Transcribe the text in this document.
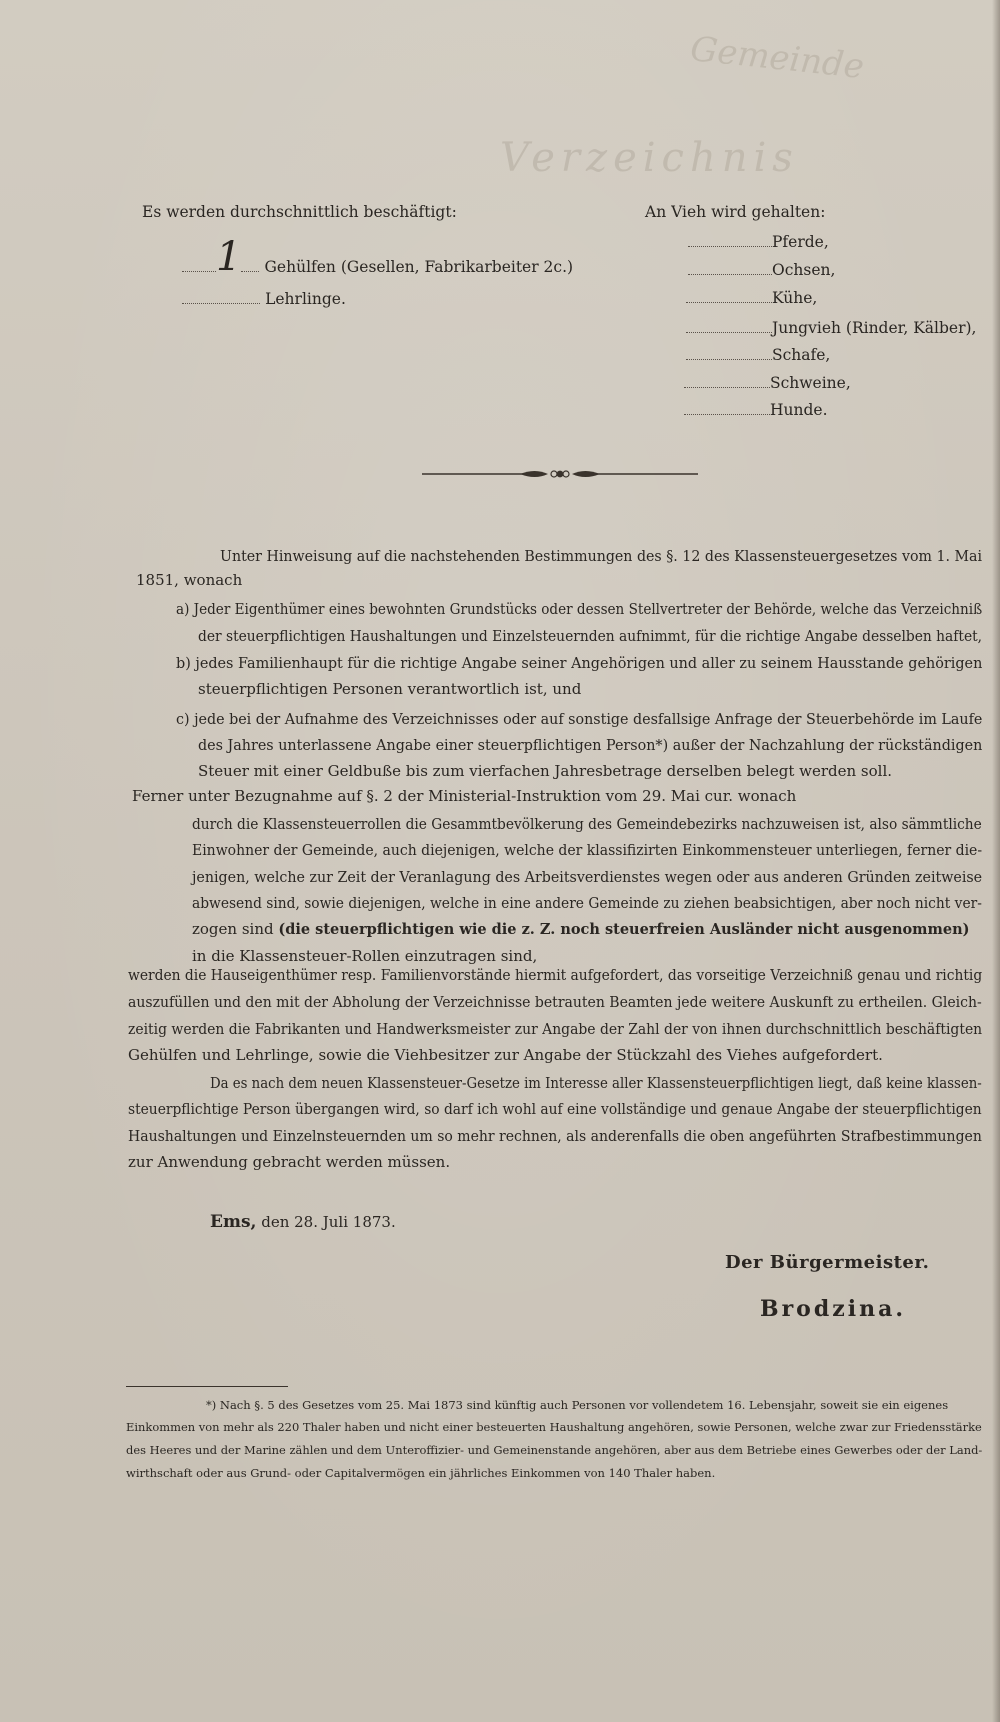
Gemeinde
Verzeichnis
Es werden durchschnittlich beschäftigt:
1 Gehülfen (Gesellen, Fabrikarbeiter 2c.)
Lehrlinge.
An Vieh wird gehalten:
Pferde,
Ochsen,
Kühe,
Jungvieh (Rinder, Kälber),
Schafe,
Schweine,
Hunde.
Unter Hinweisung auf die nachstehenden Bestimmungen des §. 12 des Klassensteuergesetzes vom 1. Mai
1851, wonach
a) Jeder Eigenthümer eines bewohnten Grundstücks oder dessen Stellvertreter der Behörde, welche das Verzeichniß
der steuerpflichtigen Haushaltungen und Einzelsteuernden aufnimmt, für die richtige Angabe desselben haftet,
b) jedes Familienhaupt für die richtige Angabe seiner Angehörigen und aller zu seinem Hausstande gehörigen
steuerpflichtigen Personen verantwortlich ist, und
c) jede bei der Aufnahme des Verzeichnisses oder auf sonstige desfallsige Anfrage der Steuerbehörde im Laufe
des Jahres unterlassene Angabe einer steuerpflichtigen Person*) außer der Nachzahlung der rückständigen
Steuer mit einer Geldbuße bis zum vierfachen Jahresbetrage derselben belegt werden soll.
Ferner unter Bezugnahme auf §. 2 der Ministerial-Instruktion vom 29. Mai cur. wonach
durch die Klassensteuerrollen die Gesammtbevölkerung des Gemeindebezirks nachzuweisen ist, also sämmtliche
Einwohner der Gemeinde, auch diejenigen, welche der klassifizirten Einkommensteuer unterliegen, ferner die-
jenigen, welche zur Zeit der Veranlagung des Arbeitsverdienstes wegen oder aus anderen Gründen zeitweise
abwesend sind, sowie diejenigen, welche in eine andere Gemeinde zu ziehen beabsichtigen, aber noch nicht ver-
zogen sind (die steuerpflichtigen wie die z. Z. noch steuerfreien Ausländer nicht ausgenommen)
in die Klassensteuer-Rollen einzutragen sind,
werden die Hauseigenthümer resp. Familienvorstände hiermit aufgefordert, das vorseitige Verzeichniß genau und richtig
auszufüllen und den mit der Abholung der Verzeichnisse betrauten Beamten jede weitere Auskunft zu ertheilen. Gleich-
zeitig werden die Fabrikanten und Handwerksmeister zur Angabe der Zahl der von ihnen durchschnittlich beschäftigten
Gehülfen und Lehrlinge, sowie die Viehbesitzer zur Angabe der Stückzahl des Viehes aufgefordert.
Da es nach dem neuen Klassensteuer-Gesetze im Interesse aller Klassensteuerpflichtigen liegt, daß keine klassen-
steuerpflichtige Person übergangen wird, so darf ich wohl auf eine vollständige und genaue Angabe der steuerpflichtigen
Haushaltungen und Einzelnsteuernden um so mehr rechnen, als anderenfalls die oben angeführten Strafbestimmungen
zur Anwendung gebracht werden müssen.
Ems, den 28. Juli 1873.
Der Bürgermeister.
Brodzina.
*) Nach §. 5 des Gesetzes vom 25. Mai 1873 sind künftig auch Personen vor vollendetem 16. Lebensjahr, soweit sie ein eigenes
Einkommen von mehr als 220 Thaler haben und nicht einer besteuerten Haushaltung angehören, sowie Personen, welche zwar zur Friedensstärke
des Heeres und der Marine zählen und dem Unteroffizier- und Gemeinenstande angehören, aber aus dem Betriebe eines Gewerbes oder der Land-
wirthschaft oder aus Grund- oder Capitalvermögen ein jährliches Einkommen von 140 Thaler haben.
